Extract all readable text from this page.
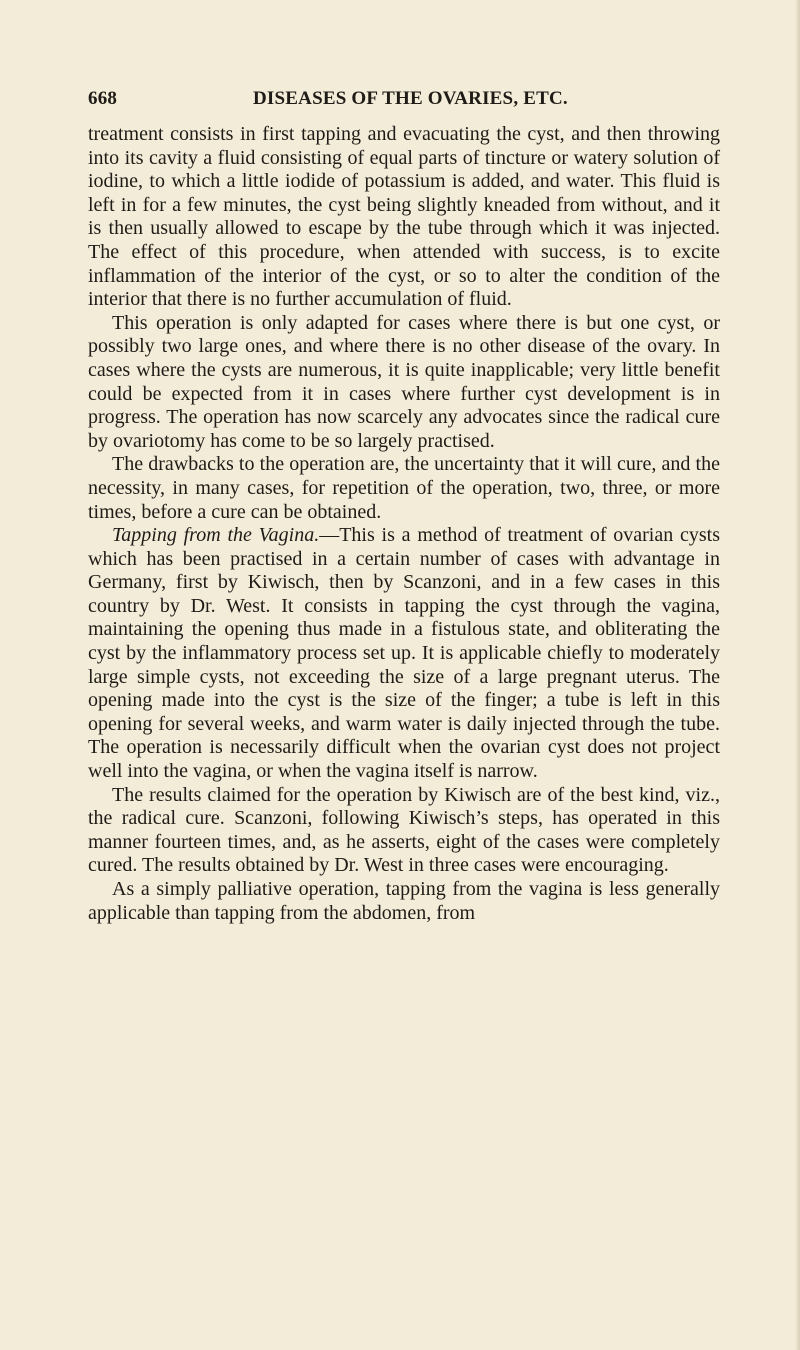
668	DISEASES OF THE OVARIES, ETC.

treatment consists in first tapping and evacuating the cyst, and then throwing into its cavity a fluid consisting of equal parts of tincture or watery solution of iodine, to which a little iodide of potassium is added, and water. This fluid is left in for a few minutes, the cyst being slightly kneaded from without, and it is then usually allowed to escape by the tube through which it was injected. The effect of this procedure, when attended with success, is to excite inflammation of the interior of the cyst, or so to alter the condition of the interior that there is no further accumulation of fluid.

This operation is only adapted for cases where there is but one cyst, or possibly two large ones, and where there is no other disease of the ovary. In cases where the cysts are numerous, it is quite inapplicable; very little benefit could be expected from it in cases where further cyst development is in progress. The operation has now scarcely any advocates since the radical cure by ovariotomy has come to be so largely practised.

The drawbacks to the operation are, the uncertainty that it will cure, and the necessity, in many cases, for repetition of the operation, two, three, or more times, before a cure can be obtained.

Tapping from the Vagina.—This is a method of treatment of ovarian cysts which has been practised in a certain number of cases with advantage in Germany, first by Kiwisch, then by Scanzoni, and in a few cases in this country by Dr. West. It consists in tapping the cyst through the vagina, maintaining the opening thus made in a fistulous state, and obliterating the cyst by the inflammatory process set up. It is applicable chiefly to moderately large simple cysts, not exceeding the size of a large pregnant uterus. The opening made into the cyst is the size of the finger; a tube is left in this opening for several weeks, and warm water is daily injected through the tube. The operation is necessarily difficult when the ovarian cyst does not project well into the vagina, or when the vagina itself is narrow.

The results claimed for the operation by Kiwisch are of the best kind, viz., the radical cure. Scanzoni, following Kiwisch’s steps, has operated in this manner fourteen times, and, as he asserts, eight of the cases were completely cured. The results obtained by Dr. West in three cases were encouraging.

As a simply palliative operation, tapping from the vagina is less generally applicable than tapping from the abdomen, from
